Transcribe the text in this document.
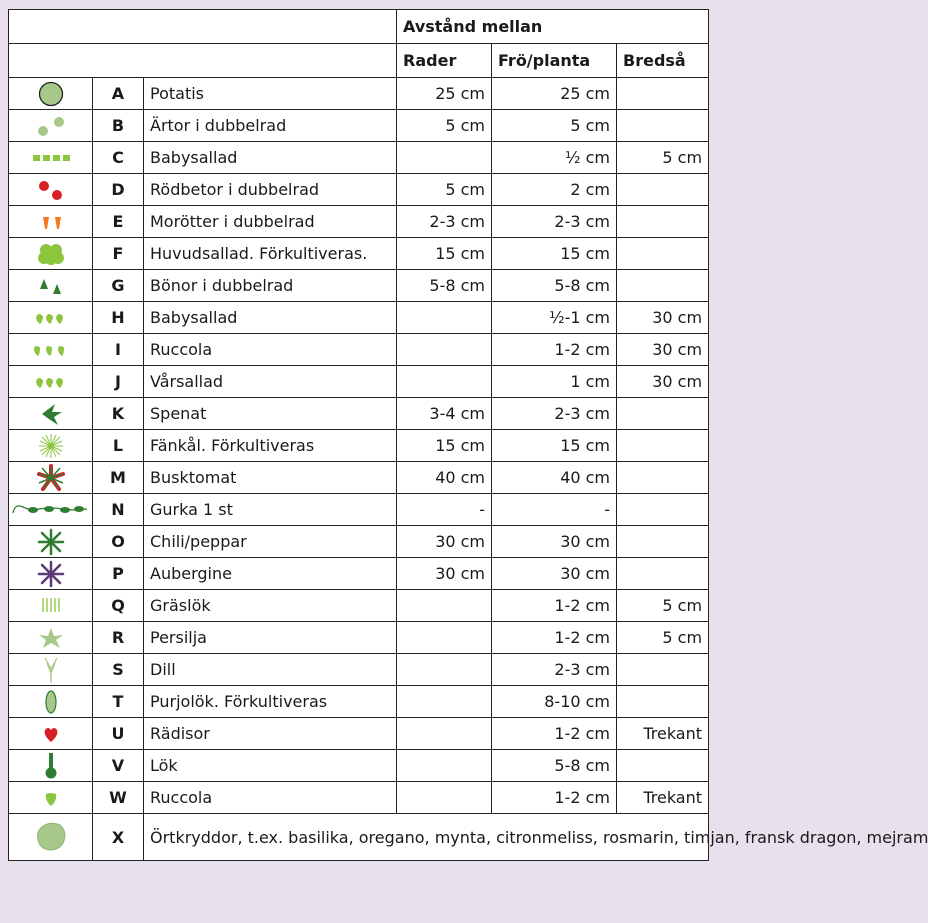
			Avstånd mellan		
			Rader	Frö/planta	Bredså

	A	Potatis	25 cm	25 cm	

	B	Ärtor i dubbelrad	5 cm	5 cm	

	C	Babysallad		½ cm	5 cm

	D	Rödbetor i dubbelrad	5 cm	2 cm	

	E	Morötter i dubbelrad	2-3 cm	2-3 cm	

	F	Huvudsallad. Förkultiveras.	15 cm	15 cm	

	G	Bönor i dubbelrad	5-8 cm	5-8 cm	

	H	Babysallad		½-1 cm	30 cm

	I	Ruccola		1-2 cm	30 cm

	J	Vårsallad		1 cm	30 cm

	K	Spenat	3-4 cm	2-3 cm	

	L	Fänkål. Förkultiveras	15 cm	15 cm	

	M	Busktomat	40 cm	40 cm	

	N	Gurka 1 st	-	-	

	O	Chili/peppar	30 cm	30 cm	

	P	Aubergine	30 cm	30 cm	

	Q	Gräslök		1-2 cm	5 cm

	R	Persilja		1-2 cm	5 cm

	S	Dill		2-3 cm	

	T	Purjolök. Förkultiveras		8-10 cm	

	U	Rädisor		1-2 cm	Trekant

	V	Lök		5-8 cm	

	W	Ruccola		1-2 cm	Trekant

	X	Örtkryddor, t.ex. basilika, oregano, mynta, citronmeliss, rosmarin, timjan, fransk dragon, mejram			
